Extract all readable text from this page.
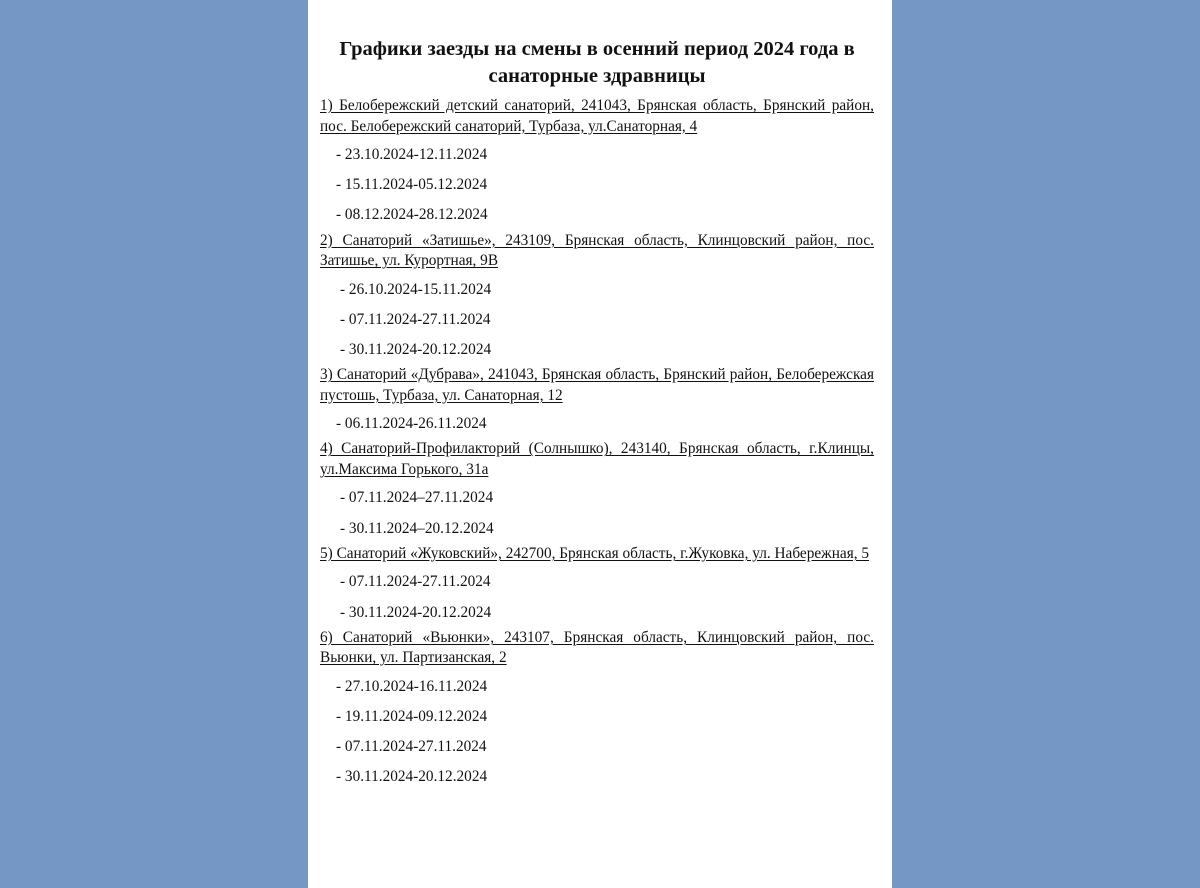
Графики заезды на смены в осенний период 2024 года в санаторные здравницы

1) Белобережский детский санаторий, 241043, Брянская область, Брянский район, пос. Белобережский санаторий, Турбаза, ул.Санаторная, 4

- 23.10.2024-12.11.2024
- 15.11.2024-05.12.2024
- 08.12.2024-28.12.2024

2) Санаторий «Затишье», 243109, Брянская область, Клинцовский район, пос. Затишье, ул. Курортная, 9В

- 26.10.2024-15.11.2024
- 07.11.2024-27.11.2024
- 30.11.2024-20.12.2024

3) Санаторий «Дубрава», 241043, Брянская область, Брянский район, Белобережская пустошь, Турбаза, ул. Санаторная, 12

- 06.11.2024-26.11.2024

4) Санаторий-Профилакторий (Солнышко), 243140, Брянская область, г.Клинцы, ул.Максима Горького, 31а

- 07.11.2024–27.11.2024
- 30.11.2024–20.12.2024

5) Санаторий «Жуковский», 242700, Брянская область, г.Жуковка, ул. Набережная, 5

- 07.11.2024-27.11.2024
- 30.11.2024-20.12.2024

6) Санаторий «Вьюнки», 243107, Брянская область, Клинцовский район, пос. Вьюнки, ул. Партизанская, 2

- 27.10.2024-16.11.2024
- 19.11.2024-09.12.2024
- 07.11.2024-27.11.2024
- 30.11.2024-20.12.2024
